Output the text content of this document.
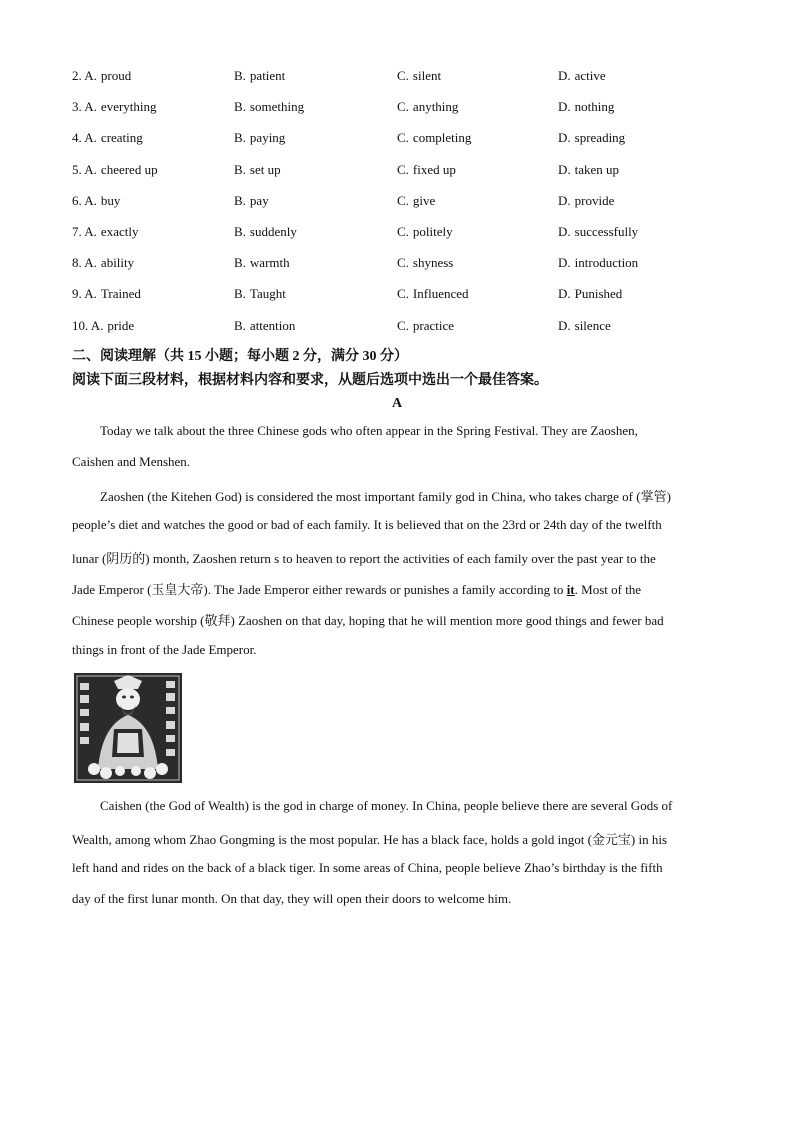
2. A. proud	B. patient	C. silent	D. active
3. A. everything	B. something	C. anything	D. nothing
4. A. creating	B. paying	C. completing	D. spreading
5. A. cheered up	B. set up	C. fixed up	D. taken up
6. A. buy	B. pay	C. give	D. provide
7. A. exactly	B. suddenly	C. politely	D. successfully
8. A. ability	B. warmth	C. shyness	D. introduction
9. A. Trained	B. Taught	C. Influenced	D. Punished
10. A. pride	B. attention	C. practice	D. silence
二、阅读理解（共 15 小题；每小题 2 分，满分 30 分）
阅读下面三段材料，根据材料内容和要求，从题后选项中选出一个最佳答案。
A
Today we talk about the three Chinese gods who often appear in the Spring Festival. They are Zaoshen,
Caishen and Menshen.
Zaoshen (the Kitehen God) is considered the most important family god in China, who takes charge of (掌管)
people’s diet and watches the good or bad of each family. It is believed that on the 23rd or 24th day of the twelfth
lunar (阴历的) month, Zaoshen return s to heaven to report the activities of each family over the past year to the
Jade Emperor (玉皇大帝). The Jade Emperor either rewards or punishes a family according to it. Most of the
Chinese people worship (敬拜) Zaoshen on that day, hoping that he will mention more good things and fewer bad
things in front of the Jade Emperor.
Caishen (the God of Wealth) is the god in charge of money. In China, people believe there are several Gods of
Wealth, among whom Zhao Gongming is the most popular. He has a black face, holds a gold ingot (金元宝) in his
left hand and rides on the back of a black tiger. In some areas of China, people believe Zhao’s birthday is the fifth
day of the first lunar month. On that day, they will open their doors to welcome him.
